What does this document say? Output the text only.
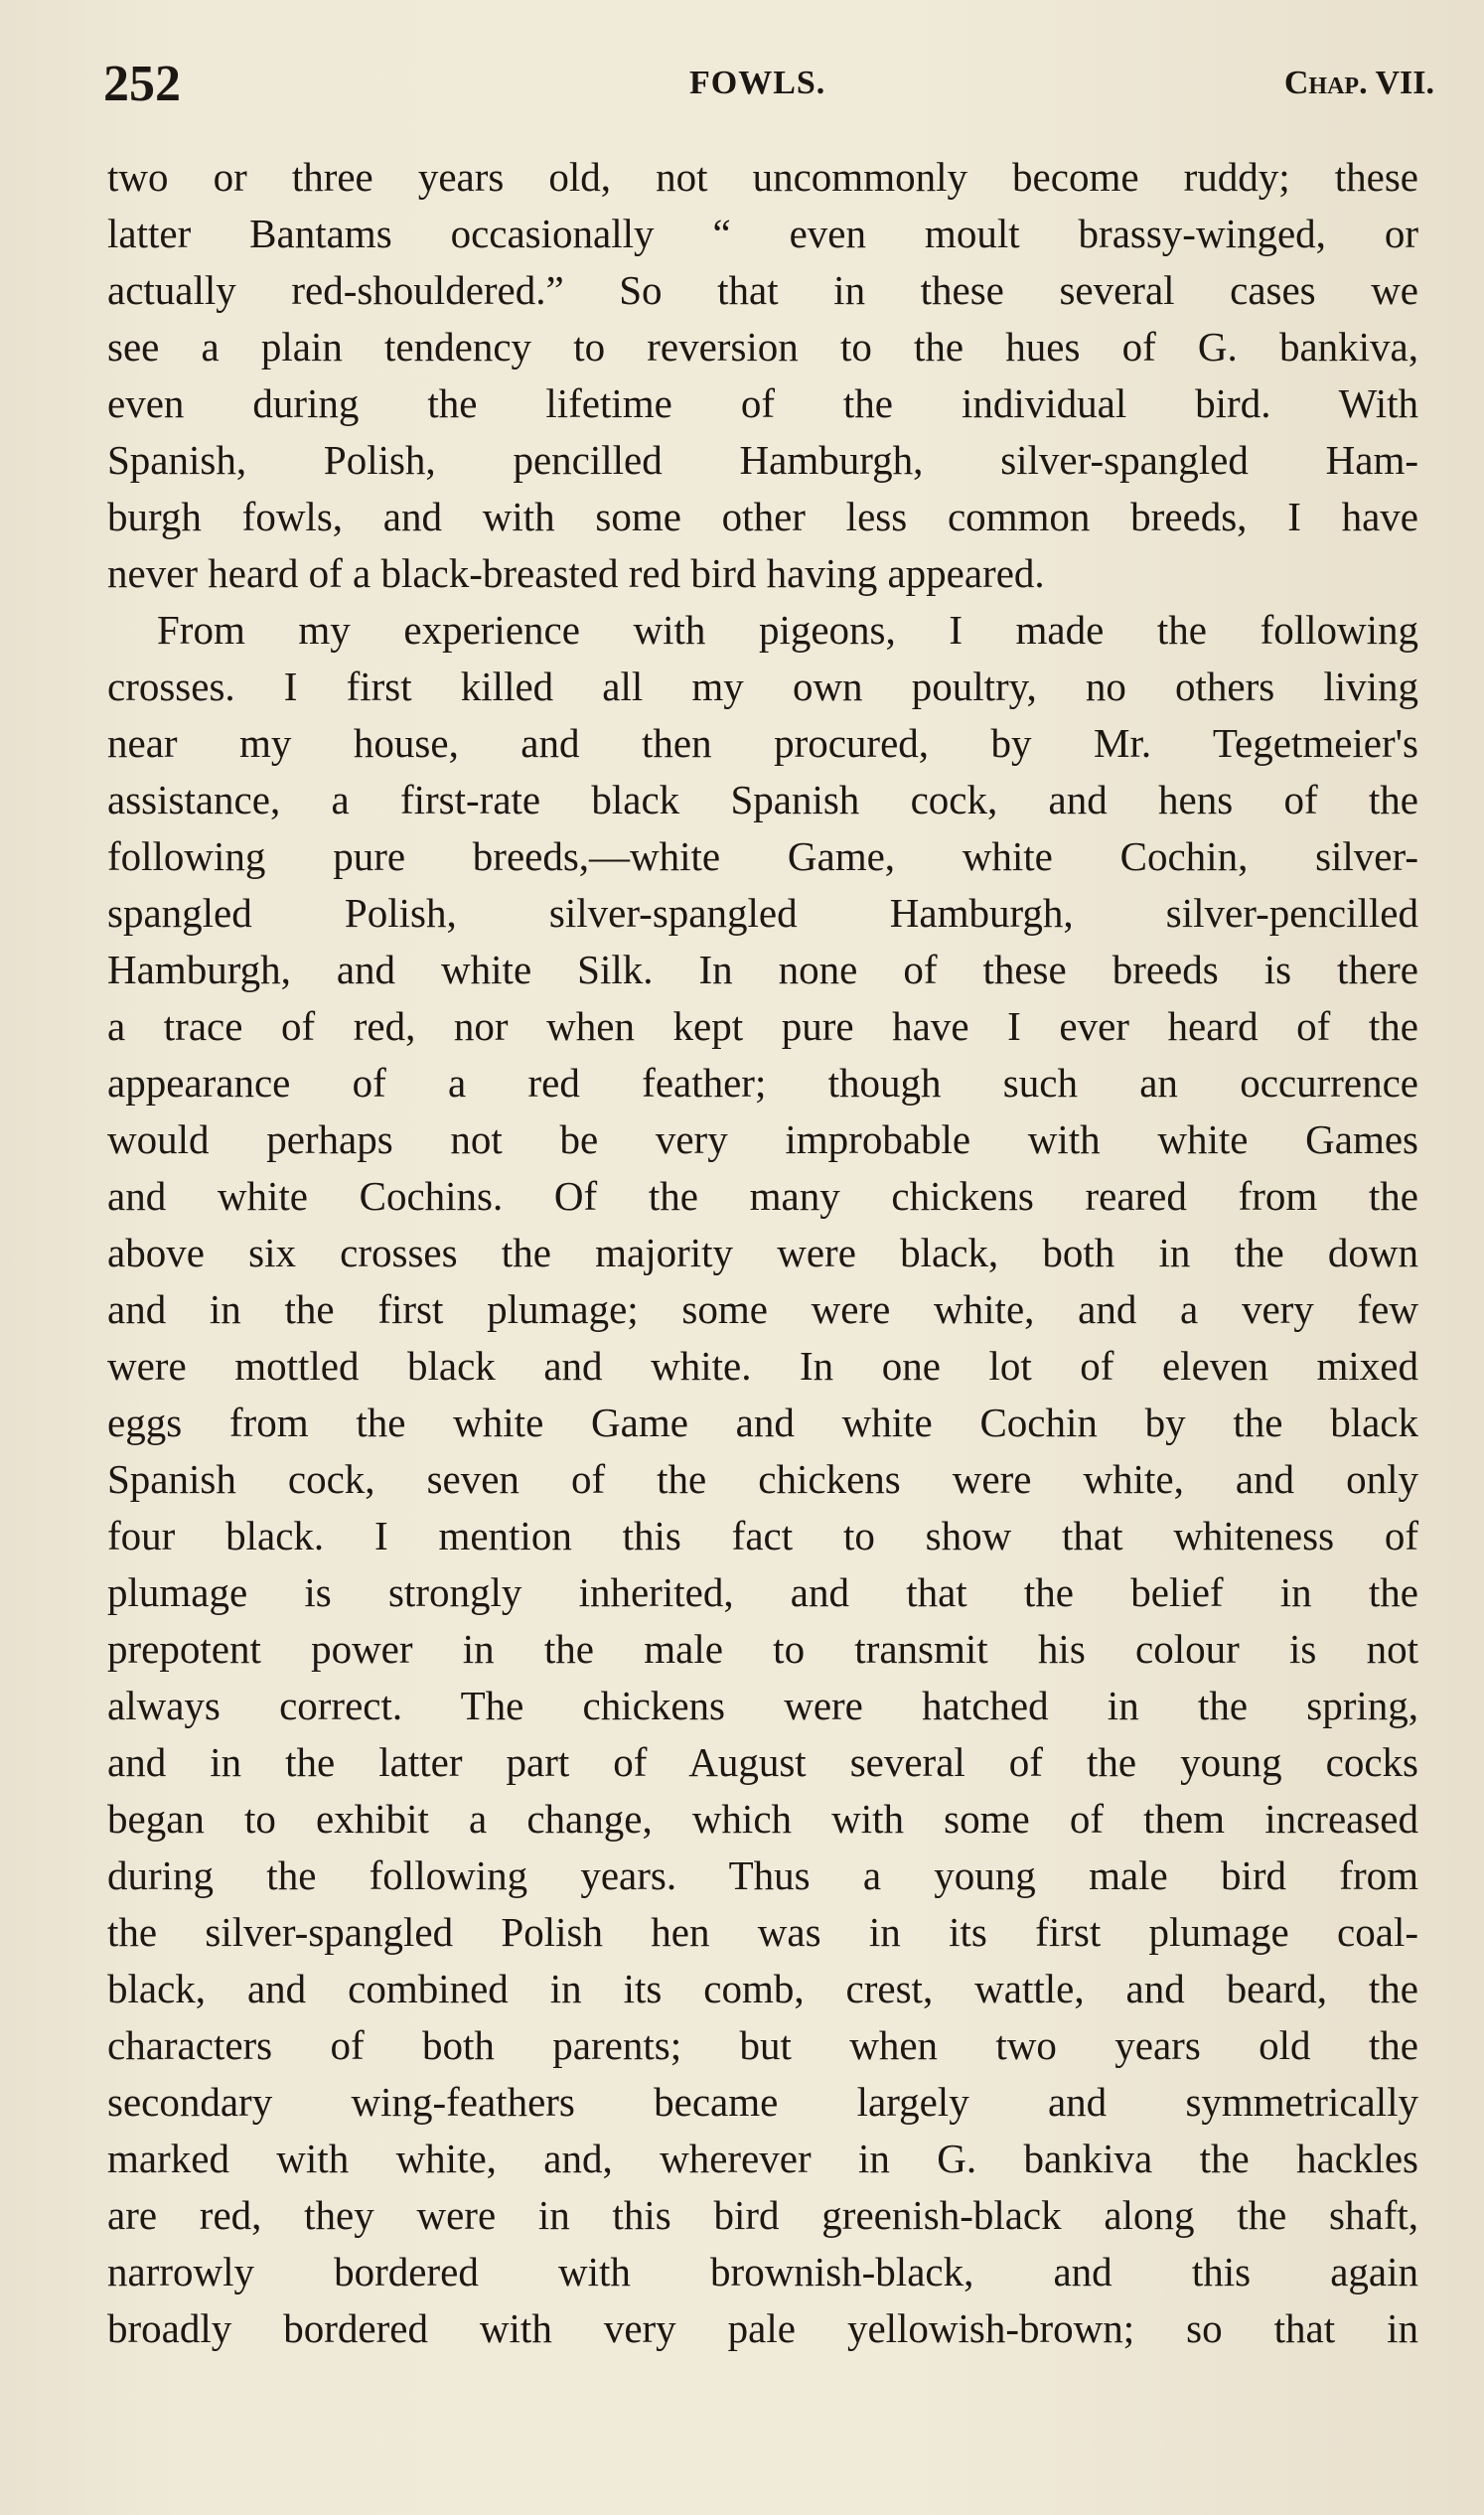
252	FOWLS.	Chap. VII.
two or three years old, not uncommonly become ruddy; these
latter Bantams occasionally “ even moult brassy-winged, or
actually red-shouldered.” So that in these several cases we
see a plain tendency to reversion to the hues of G. bankiva,
even during the lifetime of the individual bird. With
Spanish, Polish, pencilled Hamburgh, silver-spangled Ham-
burgh fowls, and with some other less common breeds, I have
never heard of a black-breasted red bird having appeared.
From my experience with pigeons, I made the following
crosses. I first killed all my own poultry, no others living
near my house, and then procured, by Mr. Tegetmeier's
assistance, a first-rate black Spanish cock, and hens of the
following pure breeds,—white Game, white Cochin, silver-
spangled Polish, silver-spangled Hamburgh, silver-pencilled
Hamburgh, and white Silk. In none of these breeds is there
a trace of red, nor when kept pure have I ever heard of the
appearance of a red feather; though such an occurrence
would perhaps not be very improbable with white Games
and white Cochins. Of the many chickens reared from the
above six crosses the majority were black, both in the down
and in the first plumage; some were white, and a very few
were mottled black and white. In one lot of eleven mixed
eggs from the white Game and white Cochin by the black
Spanish cock, seven of the chickens were white, and only
four black. I mention this fact to show that whiteness of
plumage is strongly inherited, and that the belief in the
prepotent power in the male to transmit his colour is not
always correct. The chickens were hatched in the spring,
and in the latter part of August several of the young cocks
began to exhibit a change, which with some of them increased
during the following years. Thus a young male bird from
the silver-spangled Polish hen was in its first plumage coal-
black, and combined in its comb, crest, wattle, and beard, the
characters of both parents; but when two years old the
secondary wing-feathers became largely and symmetrically
marked with white, and, wherever in G. bankiva the hackles
are red, they were in this bird greenish-black along the shaft,
narrowly bordered with brownish-black, and this again
broadly bordered with very pale yellowish-brown; so that in
